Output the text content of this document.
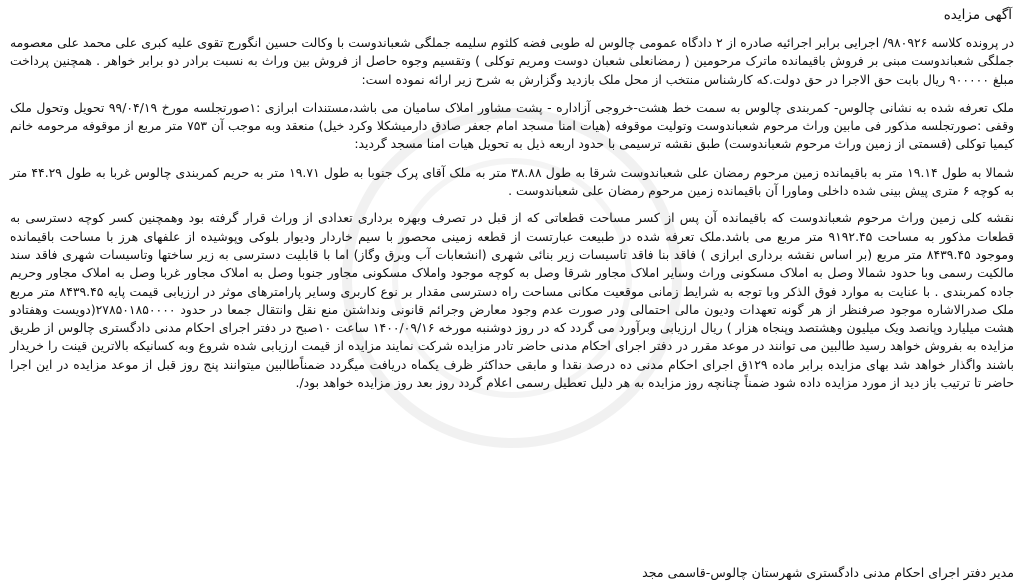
آگهی مزایده

در پرونده کلاسه ۹۸۰۹۲۶/ اجرایی برابر اجرائیه صادره از ۲ دادگاه عمومی چالوس له طوبی فضه کلثوم سلیمه جملگی شعباندوست با وکالت حسین انگورج تقوی علیه کبری علی محمد علی معصومه جملگی شعباندوست مبنی بر فروش باقیمانده ماترک مرحومین ( رمضانعلی شعبان دوست ومریم توکلی ) وتقسیم وجوه حاصل از فروش بین وراث به نسبت برادر دو برابر خواهر . همچنین پرداخت مبلغ ۹۰۰۰۰۰ ریال بابت حق الاجرا در حق دولت.که کارشناس منتخب از محل ملک بازدید وگزارش به شرح زیر ارائه نموده است:

ملک تعرفه شده به نشانی چالوس- کمربندی چالوس به سمت خط هشت-خروجی آزاداره - پشت مشاور املاک سامیان می باشد،مستندات ابرازی :۱صورتجلسه مورخ ۹۹/۰۴/۱۹ تحویل وتحول ملک وقفی :صورتجلسه مذکور فی مابین وراث مرحوم شعباندوست وتولیت موقوفه (هیات امنا مسجد امام جعفر صادق دارمیشکلا وکرد خیل) منعقد وبه موجب آن ۷۵۳ متر مربع از موقوفه مرحومه خانم کیمیا توکلی (قسمتی از زمین وراث مرحوم شعباندوست) طبق نقشه ترسیمی با حدود اربعه ذیل به تحویل هیات امنا مسجد گردید:

شمالا به طول ۱۹.۱۴ متر به باقیمانده زمین مرحوم رمضان علی شعباندوست شرقا به طول ۳۸.۸۸ متر به ملک آقای پرک جنوبا به طول ۱۹.۷۱ متر به حریم کمربندی چالوس غربا به طول ۴۴.۲۹ متر به کوچه ۶ متری پیش بینی شده داخلی وماورا آن باقیمانده زمین مرحوم رمضان علی شعباندوست .

نقشه کلی زمین وراث مرحوم شعباندوست که باقیمانده آن پس از کسر مساحت قطعاتی که از قبل در تصرف وبهره برداری تعدادی از وراث قرار گرفته بود وهمچنین کسر کوچه دسترسی به قطعات مذکور به مساحت ۹۱۹۲.۴۵ متر مربع می باشد.ملک تعرفه شده در طبیعت عبارتست از قطعه زمینی محصور با سیم خاردار ودیوار بلوکی وپوشیده از علفهای هرز با مساحت باقیمانده وموجود ۸۴۳۹.۴۵ متر مربع (بر اساس نقشه برداری ابرازی ) فاقد بنا فاقد تاسیسات زیر بنائی شهری (انشعابات آب وبرق وگاز) اما با قابلیت دسترسی به زیر ساختها وتاسیسات شهری فاقد سند مالکیت رسمی وبا حدود شمالا وصل به املاک مسکونی وراث وسایر املاک مجاور شرقا وصل به کوچه موجود واملاک مسکونی مجاور جنوبا وصل به املاک مجاور غربا وصل به املاک مجاور وحریم جاده کمربندی . با عنایت به موارد فوق الذکر وبا توجه به شرایط زمانی موقعیت مکانی مساحت راه دسترسی مقدار بر نوع کاربری وسایر پارامترهای موثر در ارزیابی قیمت پایه ۸۴۳۹.۴۵ متر مربع ملک صدرالاشاره موجود صرفنظر از هر گونه تعهدات ودیون مالی احتمالی ودر صورت عدم وجود معارض وجرائم قانونی ونداشتن منع نقل وانتقال جمعا در حدود ۲۷۸۵۰۱۸۵۰۰۰۰(دویست وهفتادو هشت میلیارد وپانصد ویک میلیون وهشتصد وپنجاه هزار ) ریال ارزیابی وبرآورد می گردد که در روز دوشنبه مورخه ۱۴۰۰/۰۹/۱۶ ساعت ۱۰صبح در دفتر اجرای احکام مدنی دادگستری چالوس از طریق مزایده به بفروش خواهد رسید طالبین می توانند در موعد مقرر در دفتر اجرای احکام مدنی حاضر تادر مزایده شرکت نمایند مزایده از قیمت ارزیابی شده شروع وبه کسانیکه بالاترین قینت را خریدار باشند واگذار خواهد شد بهای مزایده برابر ماده ۱۲۹ق اجرای احکام مدنی ده درصد نقدا و مابقی حداکثر ظرف یکماه دریافت میگردد ضمناًطالبین میتوانند پنج روز قبل از موعد مزایده در این اجرا حاضر تا ترتیب باز دید از مورد مزایده داده شود ضمناً چنانچه روز مزایده به هر دلیل تعطیل رسمی اعلام گردد روز بعد روز مزایده خواهد بود/.

مدیر دفتر اجرای احکام مدنی دادگستری شهرستان چالوس-قاسمی مجد
